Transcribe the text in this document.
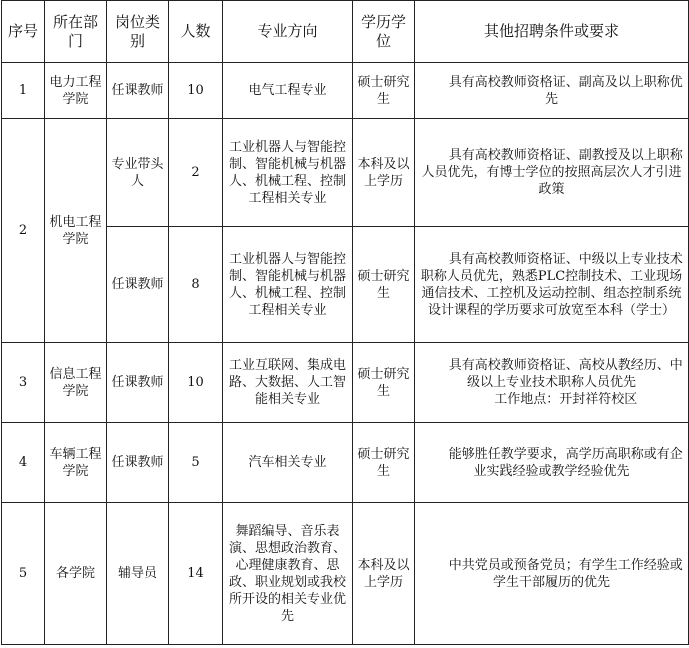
序号	所在部门	岗位类别	人数	专业方向	学历学位	其他招聘条件或要求
1	电力工程学院	任课教师	10	电气工程专业	硕士研究生	具有高校教师资格证、副高及以上职称优先

2	机电工程学院	专业带头人	2	工业机器人与智能控制、智能机械与机器人、机械工程、控制工程相关专业	本科及以上学历	具有高校教师资格证、副教授及以上职称人员优先，有博士学位的按照高层次人才引进政策

		任课教师	8	工业机器人与智能控制、智能机械与机器人、机械工程、控制工程相关专业	硕士研究生	具有高校教师资格证、中级以上专业技术职称人员优先，熟悉PLC控制技术、工业现场通信技术、工控机及运动控制、组态控制系统设计课程的学历要求可放宽至本科（学士）

3	信息工程学院	任课教师	10	工业互联网、集成电路、大数据、人工智能相关专业	硕士研究生	具有高校教师资格证、高校从教经历、中级以上专业技术职称人员优先
工作地点：开封祥符校区

4	车辆工程学院	任课教师	5	汽车相关专业	硕士研究生	能够胜任教学要求，高学历高职称或有企业实践经验或教学经验优先

5	各学院	辅导员	14	舞蹈编导、音乐表演、思想政治教育、心理健康教育、思政、职业规划或我校所开设的相关专业优先	本科及以上学历	中共党员或预备党员；有学生工作经验或学生干部履历的优先
